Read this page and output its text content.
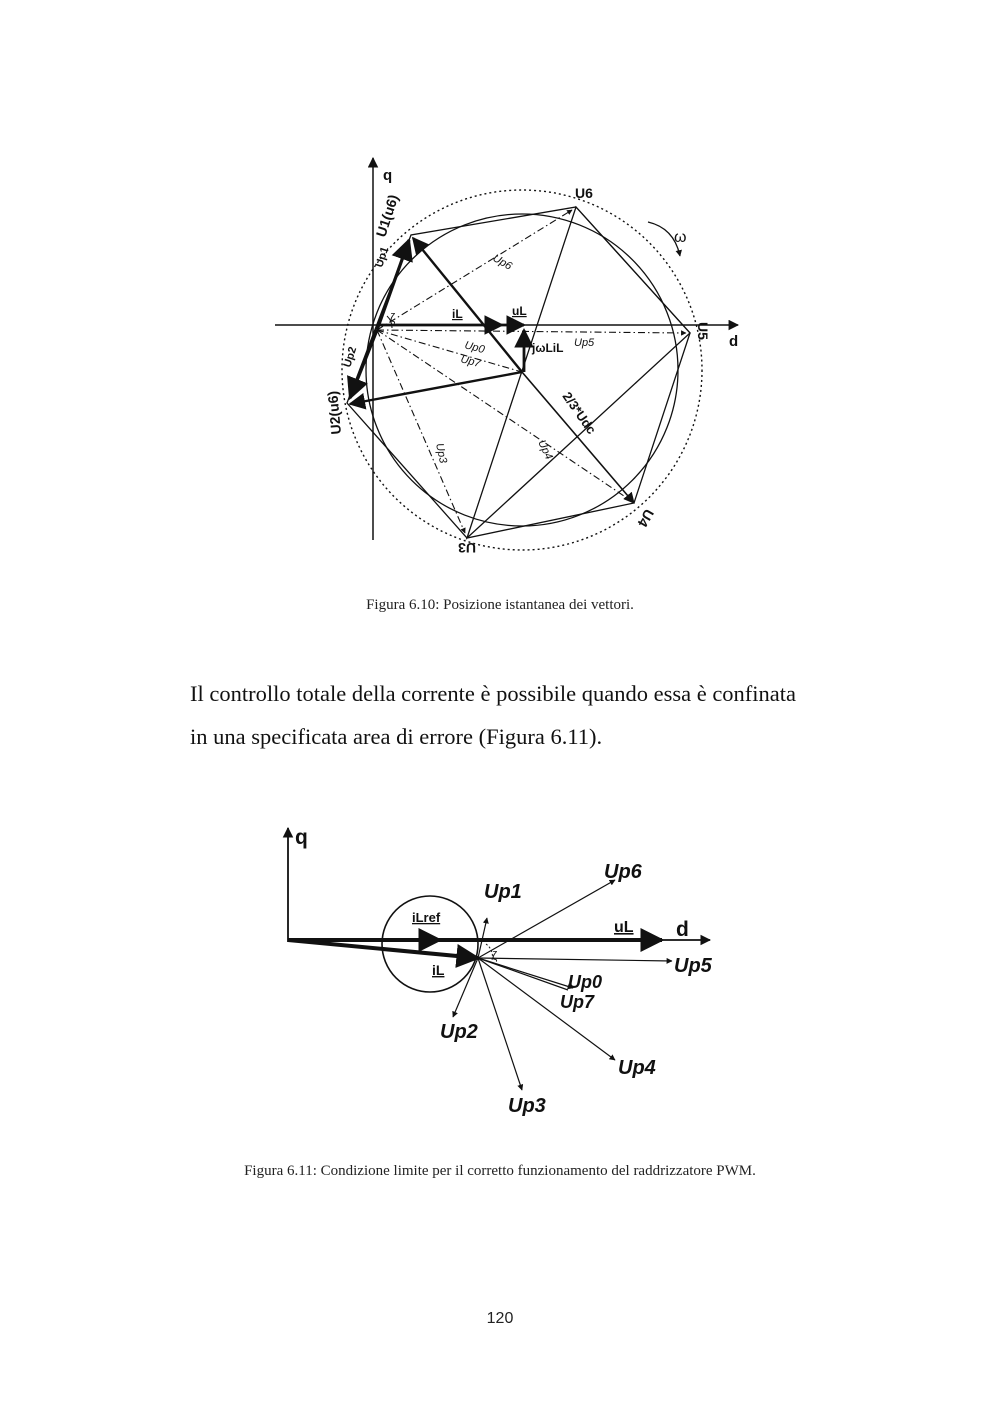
q
d
ω
U6
U5
U4
U3
U1(u6)
U2(u6)
Up1
Up2
Up6
Up5
Up0
Up7
Up4
Up3
iL	uL
jωLiL
2/3*Udc
ζ
Figura 6.10: Posizione istantanea dei vettori.

Il controllo totale della corrente è possibile quando essa è confinata

in una specificata area di errore (Figura 6.11).

q
d
iLref
iL
uL
Up1
Up6
Up5
Up0
Up7
Up2
Up4
Up3
ζ
Figura 6.11: Condizione limite per il corretto funzionamento del raddrizzatore PWM.
120
